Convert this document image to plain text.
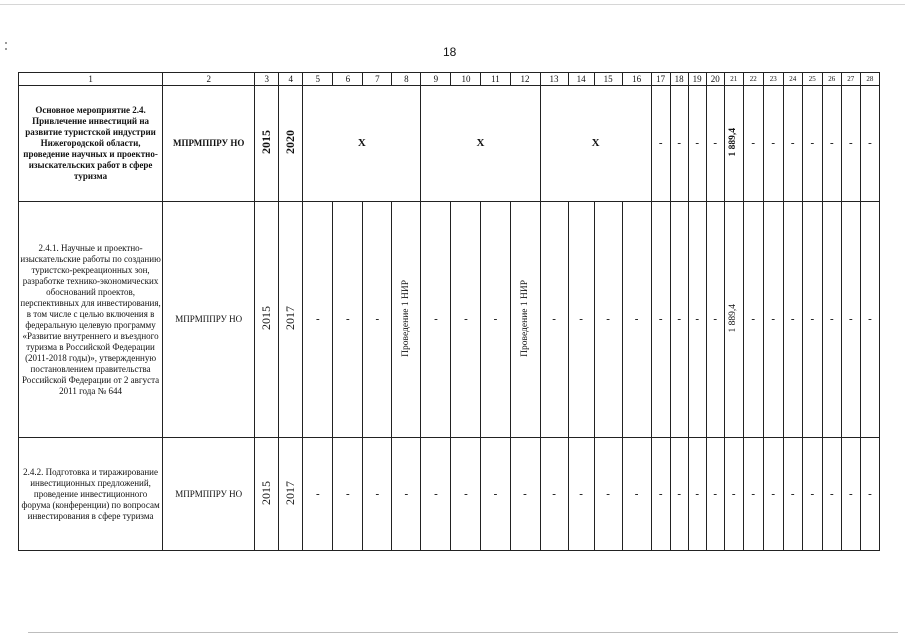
18
1	2	3	4	5	6	7	8	9	10	11	12	13	14	15	16	17	18	19	20	21	22	23	24	25	26	27	28
Основное мероприятие 2.4. Привлечение инвестиций на развитие туристской индустрии Нижегородской области, проведение научных и проектно-изыскательских работ в сфере туризма	МПРМППРУ НО	2015	2020	Х				Х				Х				-	-	-	-	1 889,4	-	-	-	-	-	-	-
2.4.1. Научные и проектно-изыскательские работы по созданию туристско-рекреационных зон, разработке технико-экономических обоснований проектов, перспективных для инвестирования, в том числе с целью включения в федеральную целевую программу «Развитие внутреннего и въездного туризма в Российской Федерации (2011-2018 годы)», утвержденную постановлением правительства Российской Федерации от 2 августа 2011 года № 644	МПРМППРУ НО	2015	2017	-	-	-	Проведение 1 НИР	-	-	-	Проведение 1 НИР	-	-	-	-	-	-	-	-	1 889,4	-	-	-	-	-	-	-
2.4.2. Подготовка и тиражирование инвестиционных предложений, проведение инвестиционного форума (конференции) по вопросам инвестирования в сфере туризма	МПРМППРУ НО	2015	2017	-	-	-	-	-	-	-	-	-	-	-	-	-	-	-	-	-	-	-	-	-	-	-	-
